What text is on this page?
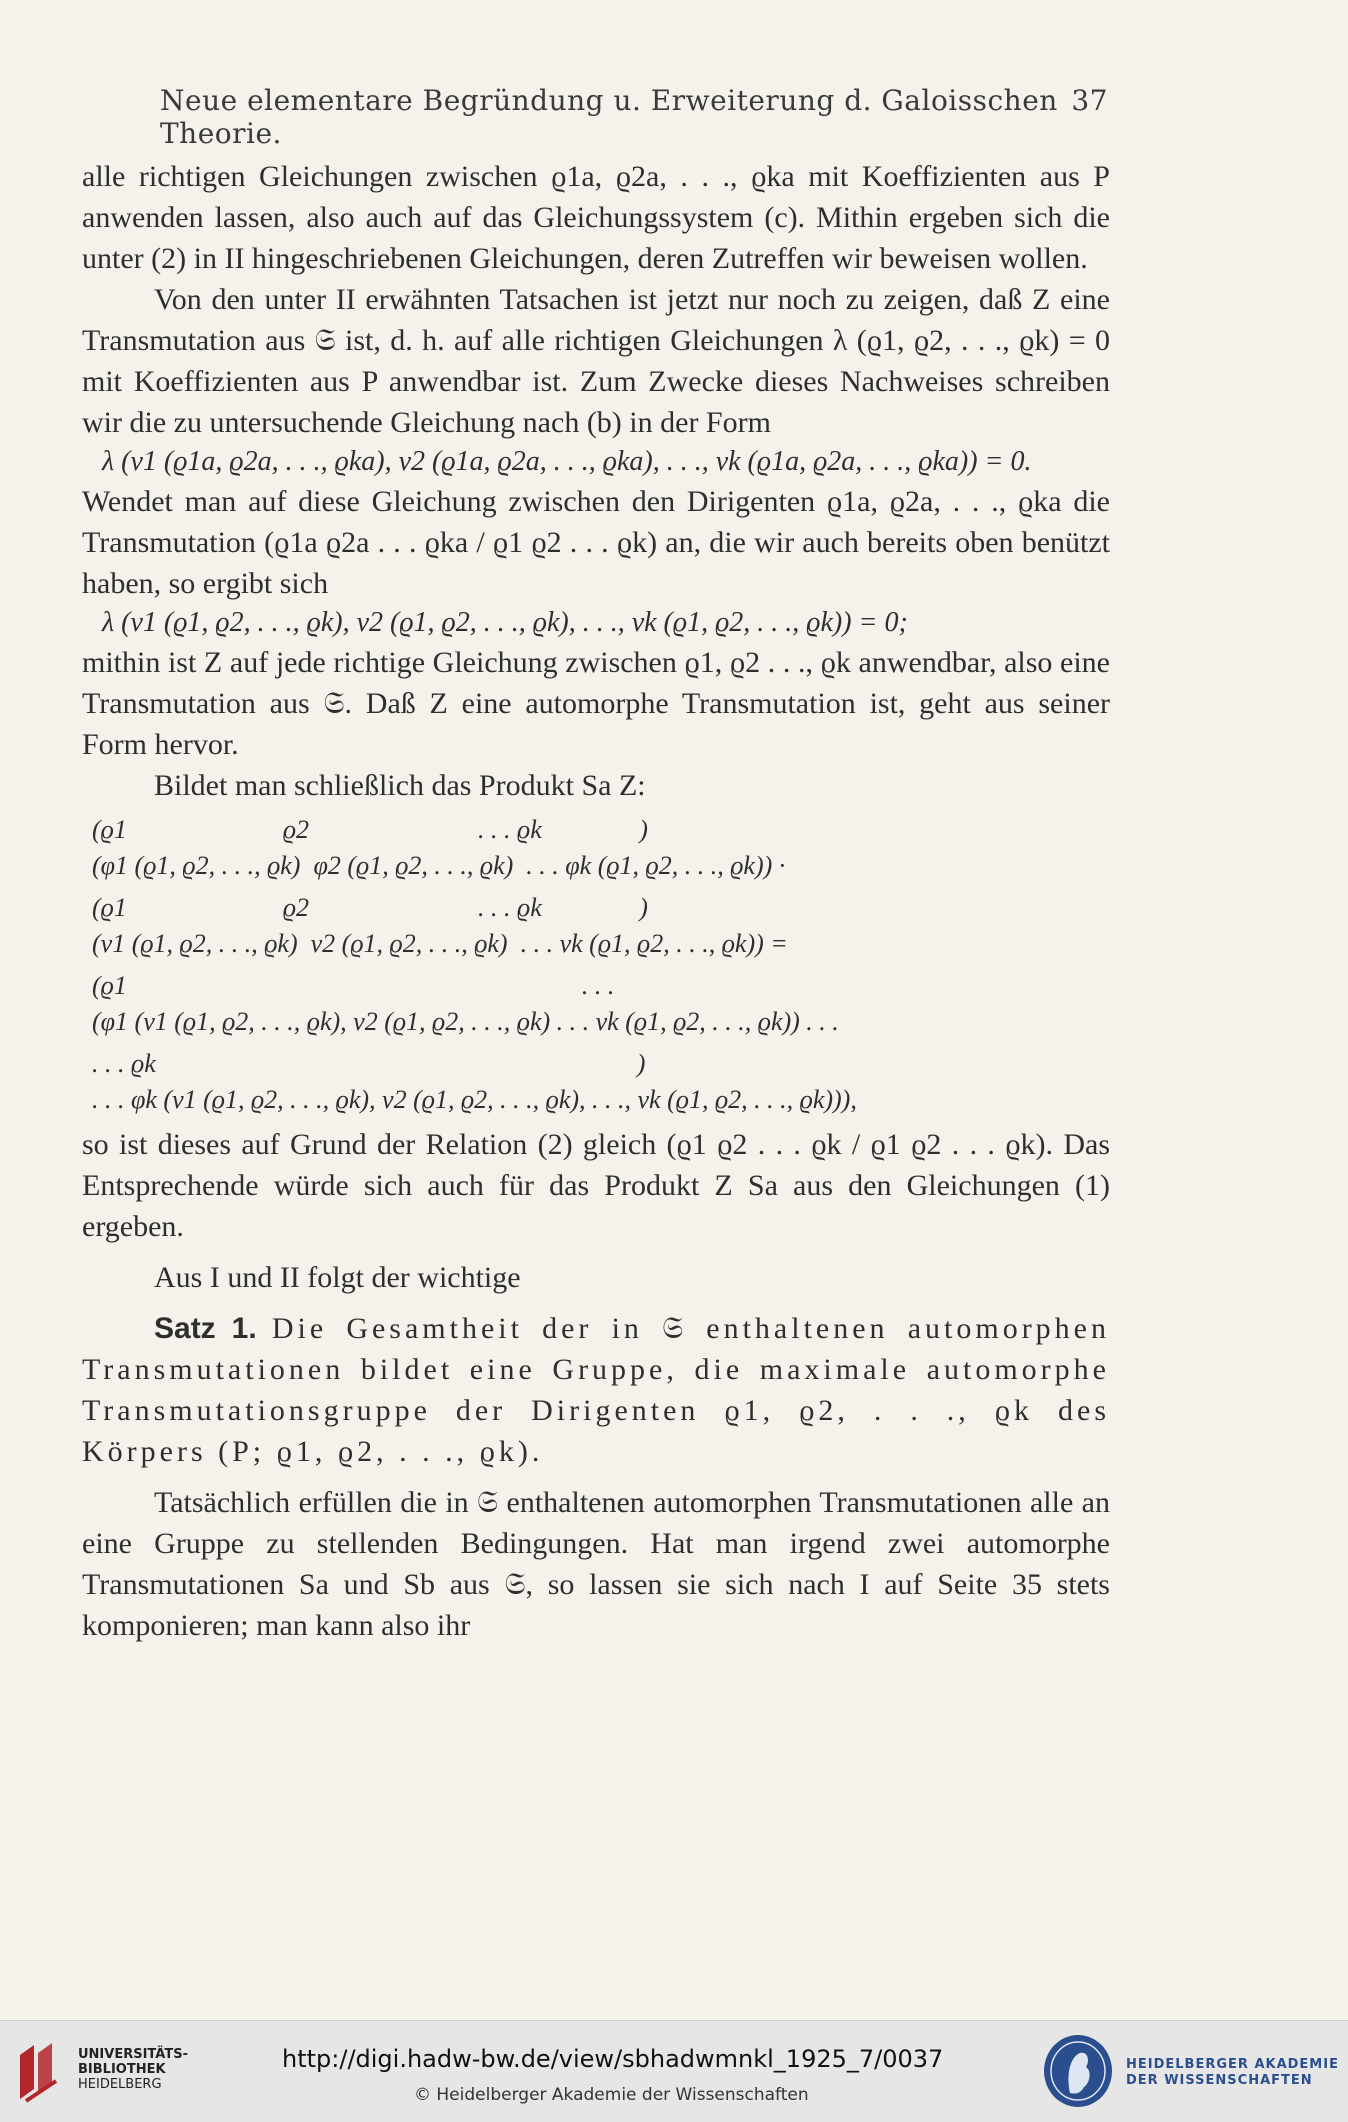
Neue elementare Begründung u. Erweiterung d. Galoisschen Theorie.
37

alle richtigen Gleichungen zwischen ϱ1a, ϱ2a, . . ., ϱka mit Koeffizienten aus P anwenden lassen, also auch auf das Gleichungssystem (c). Mithin ergeben sich die unter (2) in II hingeschriebenen Gleichungen, deren Zutreffen wir beweisen wollen.

Von den unter II erwähnten Tatsachen ist jetzt nur noch zu zeigen, daß Z eine Transmutation aus 𝔖 ist, d. h. auf alle richtigen Gleichungen λ (ϱ1, ϱ2, . . ., ϱk) = 0 mit Koeffizienten aus P anwendbar ist. Zum Zwecke dieses Nachweises schreiben wir die zu untersuchende Gleichung nach (b) in der Form

λ (ν1 (ϱ1a, ϱ2a, . . ., ϱka), ν2 (ϱ1a, ϱ2a, . . ., ϱka), . . ., νk (ϱ1a, ϱ2a, . . ., ϱka)) = 0.

Wendet man auf diese Gleichung zwischen den Dirigenten ϱ1a, ϱ2a, . . ., ϱka die Transmutation (ϱ1a ϱ2a . . . ϱka / ϱ1 ϱ2 . . . ϱk) an, die wir auch bereits oben benützt haben, so ergibt sich

λ (ν1 (ϱ1, ϱ2, . . ., ϱk), ν2 (ϱ1, ϱ2, . . ., ϱk), . . ., νk (ϱ1, ϱ2, . . ., ϱk)) = 0;

mithin ist Z auf jede richtige Gleichung zwischen ϱ1, ϱ2 . . ., ϱk anwendbar, also eine Transmutation aus 𝔖. Daß Z eine automorphe Transmutation ist, geht aus seiner Form hervor.

Bildet man schließlich das Produkt Sa Z:

(ϱ1                        ϱ2                          . . . ϱk               )
(φ1 (ϱ1, ϱ2, . . ., ϱk)  φ2 (ϱ1, ϱ2, . . ., ϱk)  . . . φk (ϱ1, ϱ2, . . ., ϱk)) ·
(ϱ1                        ϱ2                          . . . ϱk               )
(ν1 (ϱ1, ϱ2, . . ., ϱk)  ν2 (ϱ1, ϱ2, . . ., ϱk)  . . . νk (ϱ1, ϱ2, . . ., ϱk)) =
(ϱ1                                                                      . . .
(φ1 (ν1 (ϱ1, ϱ2, . . ., ϱk), ν2 (ϱ1, ϱ2, . . ., ϱk) . . . νk (ϱ1, ϱ2, . . ., ϱk)) . . .
. . . ϱk                                                                          )
. . . φk (ν1 (ϱ1, ϱ2, . . ., ϱk), ν2 (ϱ1, ϱ2, . . ., ϱk), . . ., νk (ϱ1, ϱ2, . . ., ϱk))),

so ist dieses auf Grund der Relation (2) gleich (ϱ1 ϱ2 . . . ϱk / ϱ1 ϱ2 . . . ϱk). Das Entsprechende würde sich auch für das Produkt Z Sa aus den Gleichungen (1) ergeben.

Aus I und II folgt der wichtige

Satz 1. Die Gesamtheit der in 𝔖 enthaltenen automorphen Transmutationen bildet eine Gruppe, die maximale automorphe Transmutationsgruppe der Dirigenten ϱ1, ϱ2, . . ., ϱk des Körpers (P; ϱ1, ϱ2, . . ., ϱk).

Tatsächlich erfüllen die in 𝔖 enthaltenen automorphen Transmutationen alle an eine Gruppe zu stellenden Bedingungen. Hat man irgend zwei automorphe Transmutationen Sa und Sb aus 𝔖, so lassen sie sich nach I auf Seite 35 stets komponieren; man kann also ihr

UNIVERSITÄTS-
BIBLIOTHEK
HEIDELBERG
http://digi.hadw-bw.de/view/sbhadwmnkl_1925_7/0037
© Heidelberger Akademie der Wissenschaften
HEIDELBERGER AKADEMIE
DER WISSENSCHAFTEN
